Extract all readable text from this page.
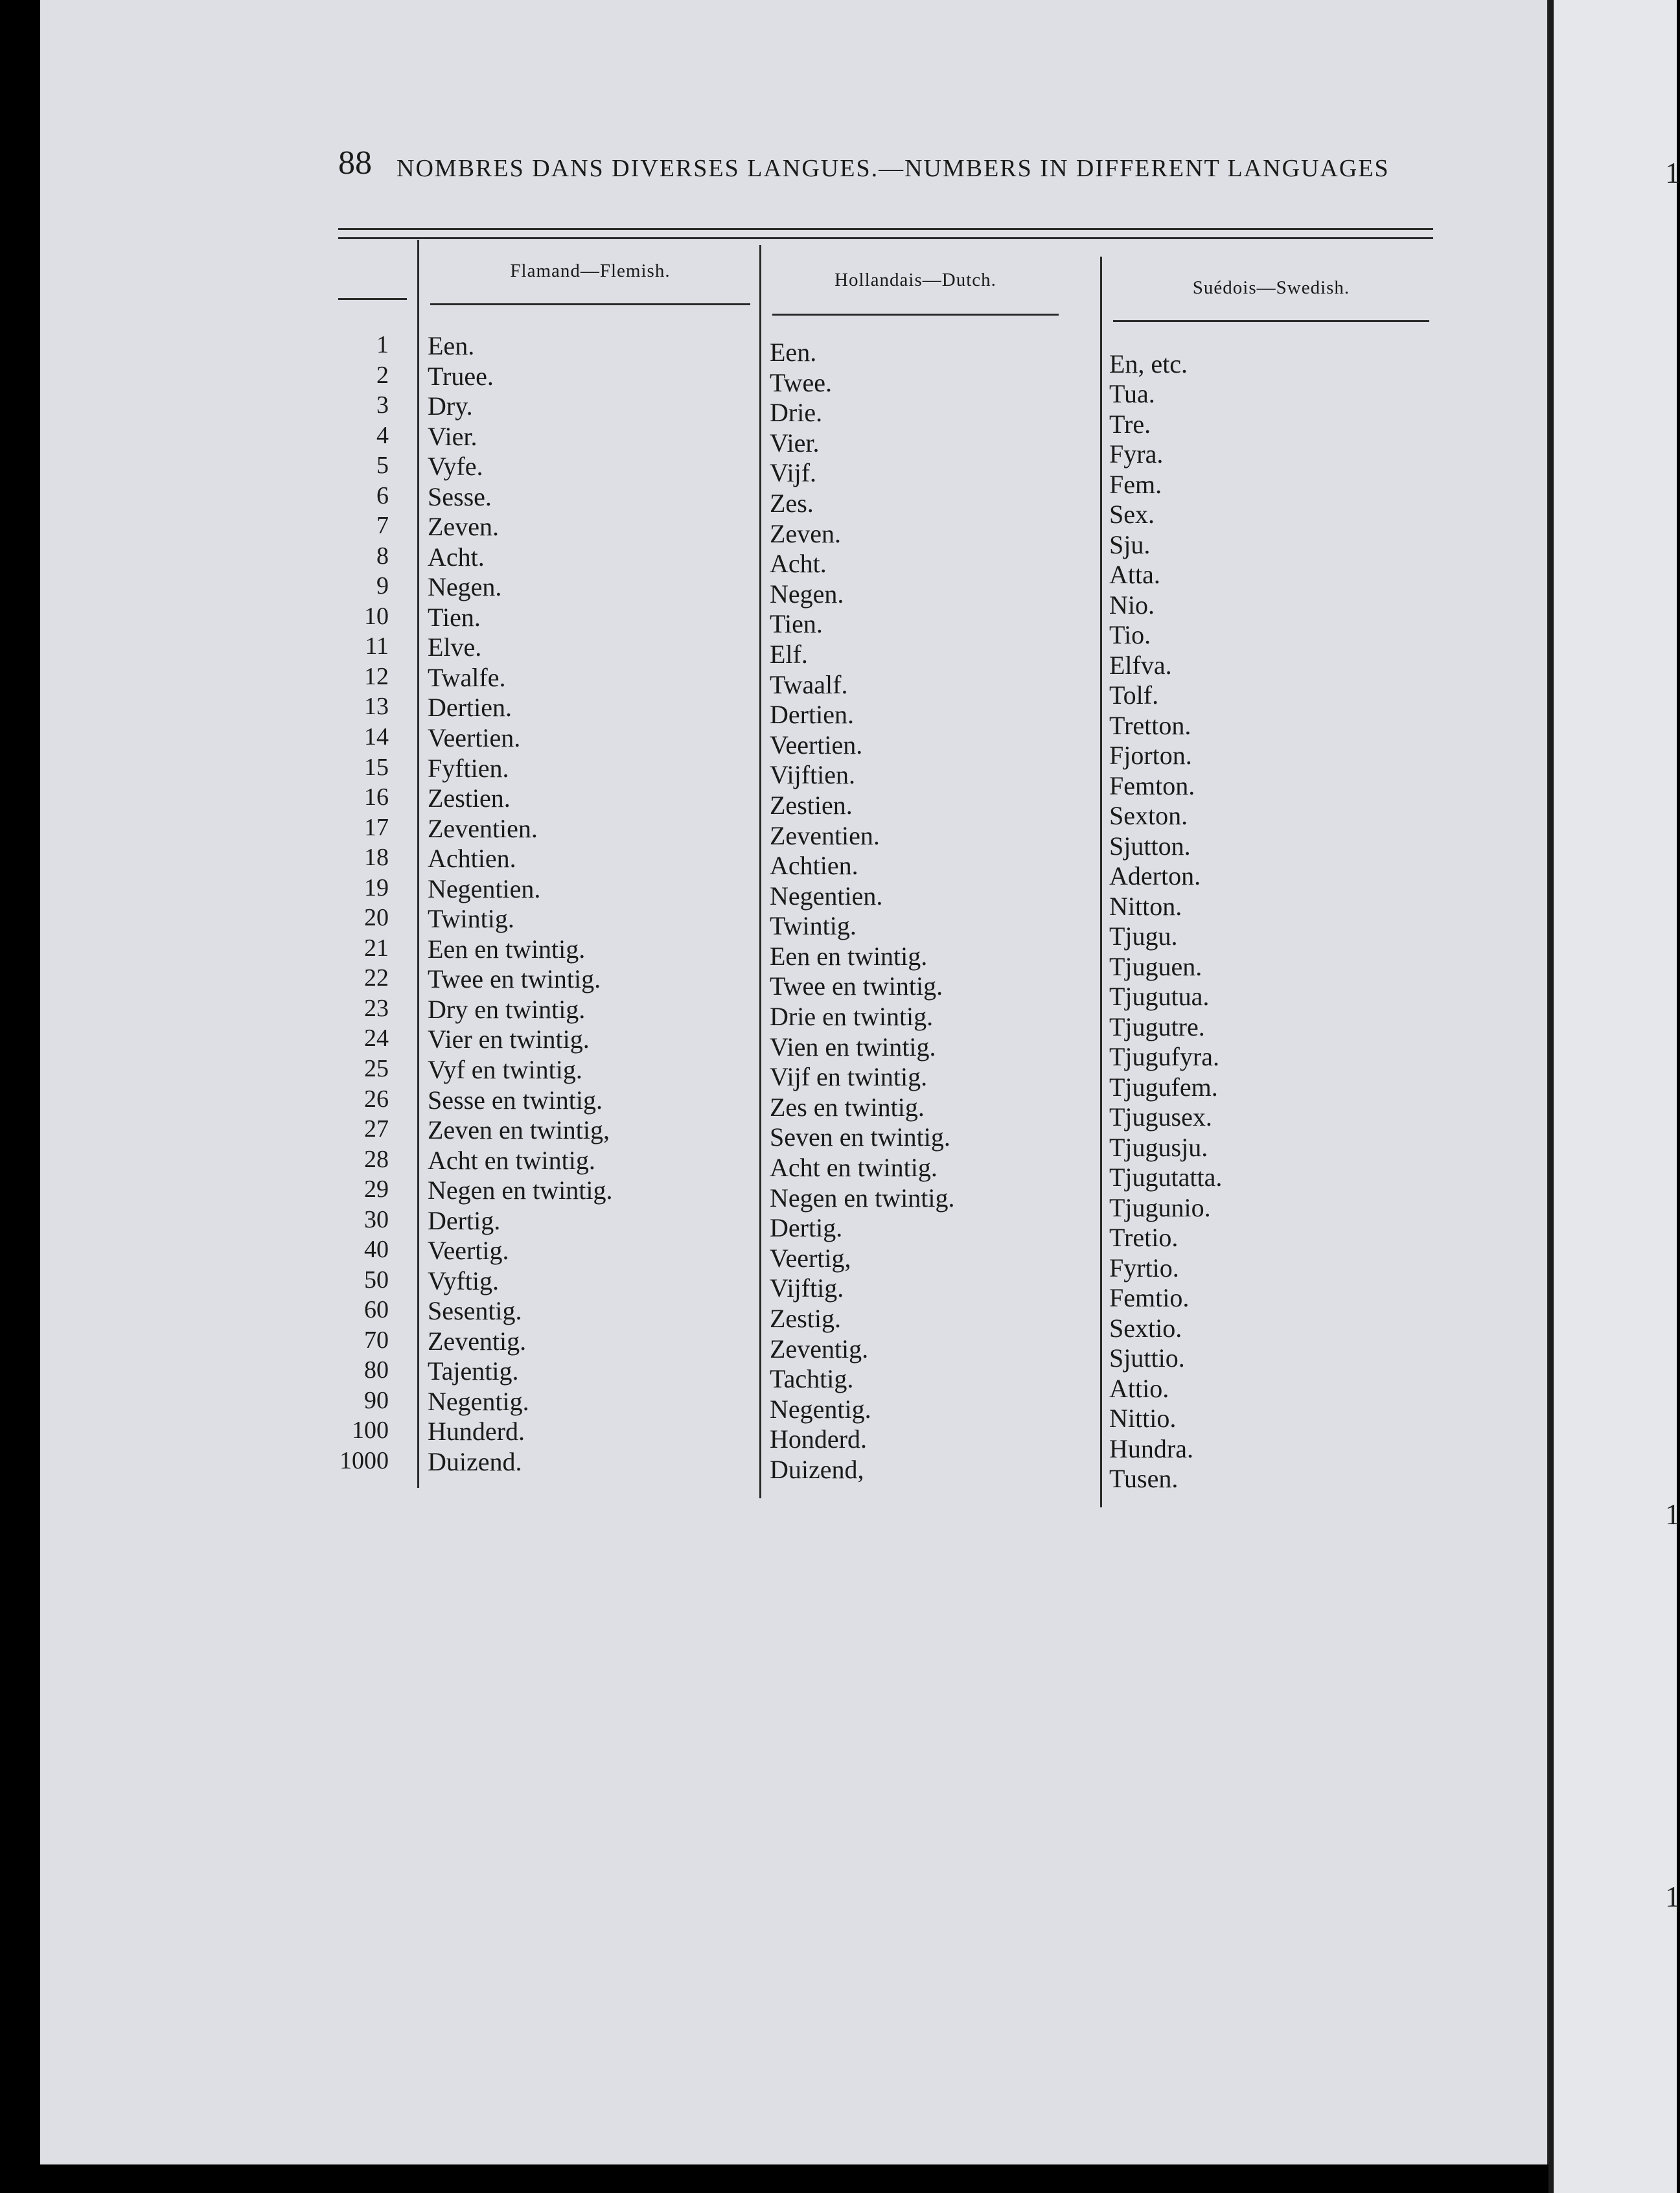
1
1
1
88 NOMBRES DANS DIVERSES LANGUES.—NUMBERS IN DIFFERENT LANGUAGES
Flamand—Flemish.	Hollandais—Dutch.	Suédois—Swedish.
1 Een.	Een.	En, etc.
2 Truee.	Twee.	Tua.
3 Dry.	Drie.	Tre.
4 Vier.	Vier.	Fyra.
5 Vyfe.	Vijf.	Fem.
6 Sesse.	Zes.	Sex.
7 Zeven.	Zeven.	Sju.
8 Acht.	Acht.	Atta.
9 Negen.	Negen.	Nio.
10 Tien.	Tien.	Tio.
11 Elve.	Elf.	Elfva.
12 Twalfe.	Twaalf.	Tolf.
13 Dertien.	Dertien.	Tretton.
14 Veertien.	Veertien.	Fjorton.
15 Fyftien.	Vijftien.	Femton.
16 Zestien.	Zestien.	Sexton.
17 Zeventien.	Zeventien.	Sjutton.
18 Achtien.	Achtien.	Aderton.
19 Negentien.	Negentien.	Nitton.
20 Twintig.	Twintig.	Tjugu.
21 Een en twintig.	Een en twintig.	Tjuguen.
22 Twee en twintig.	Twee en twintig.	Tjugutua.
23 Dry en twintig.	Drie en twintig.	Tjugutre.
24 Vier en twintig.	Vien en twintig.	Tjugufyra.
25 Vyf en twintig.	Vijf en twintig.	Tjugufem.
26 Sesse en twintig.	Zes en twintig.	Tjugusex.
27 Zeven en twintig,	Seven en twintig.	Tjugusju.
28 Acht en twintig.	Acht en twintig.	Tjugutatta.
29 Negen en twintig.	Negen en twintig.	Tjugunio.
30 Dertig.	Dertig.	Tretio.
40 Veertig.	Veertig,	Fyrtio.
50 Vyftig.	Vijftig.	Femtio.
60 Sesentig.	Zestig.	Sextio.
70 Zeventig.	Zeventig.	Sjuttio.
80 Tajentig.	Tachtig.	Attio.
90 Negentig.	Negentig.	Nittio.
100 Hunderd.	Honderd.	Hundra.
1000 Duizend.	Duizend,	Tusen.
